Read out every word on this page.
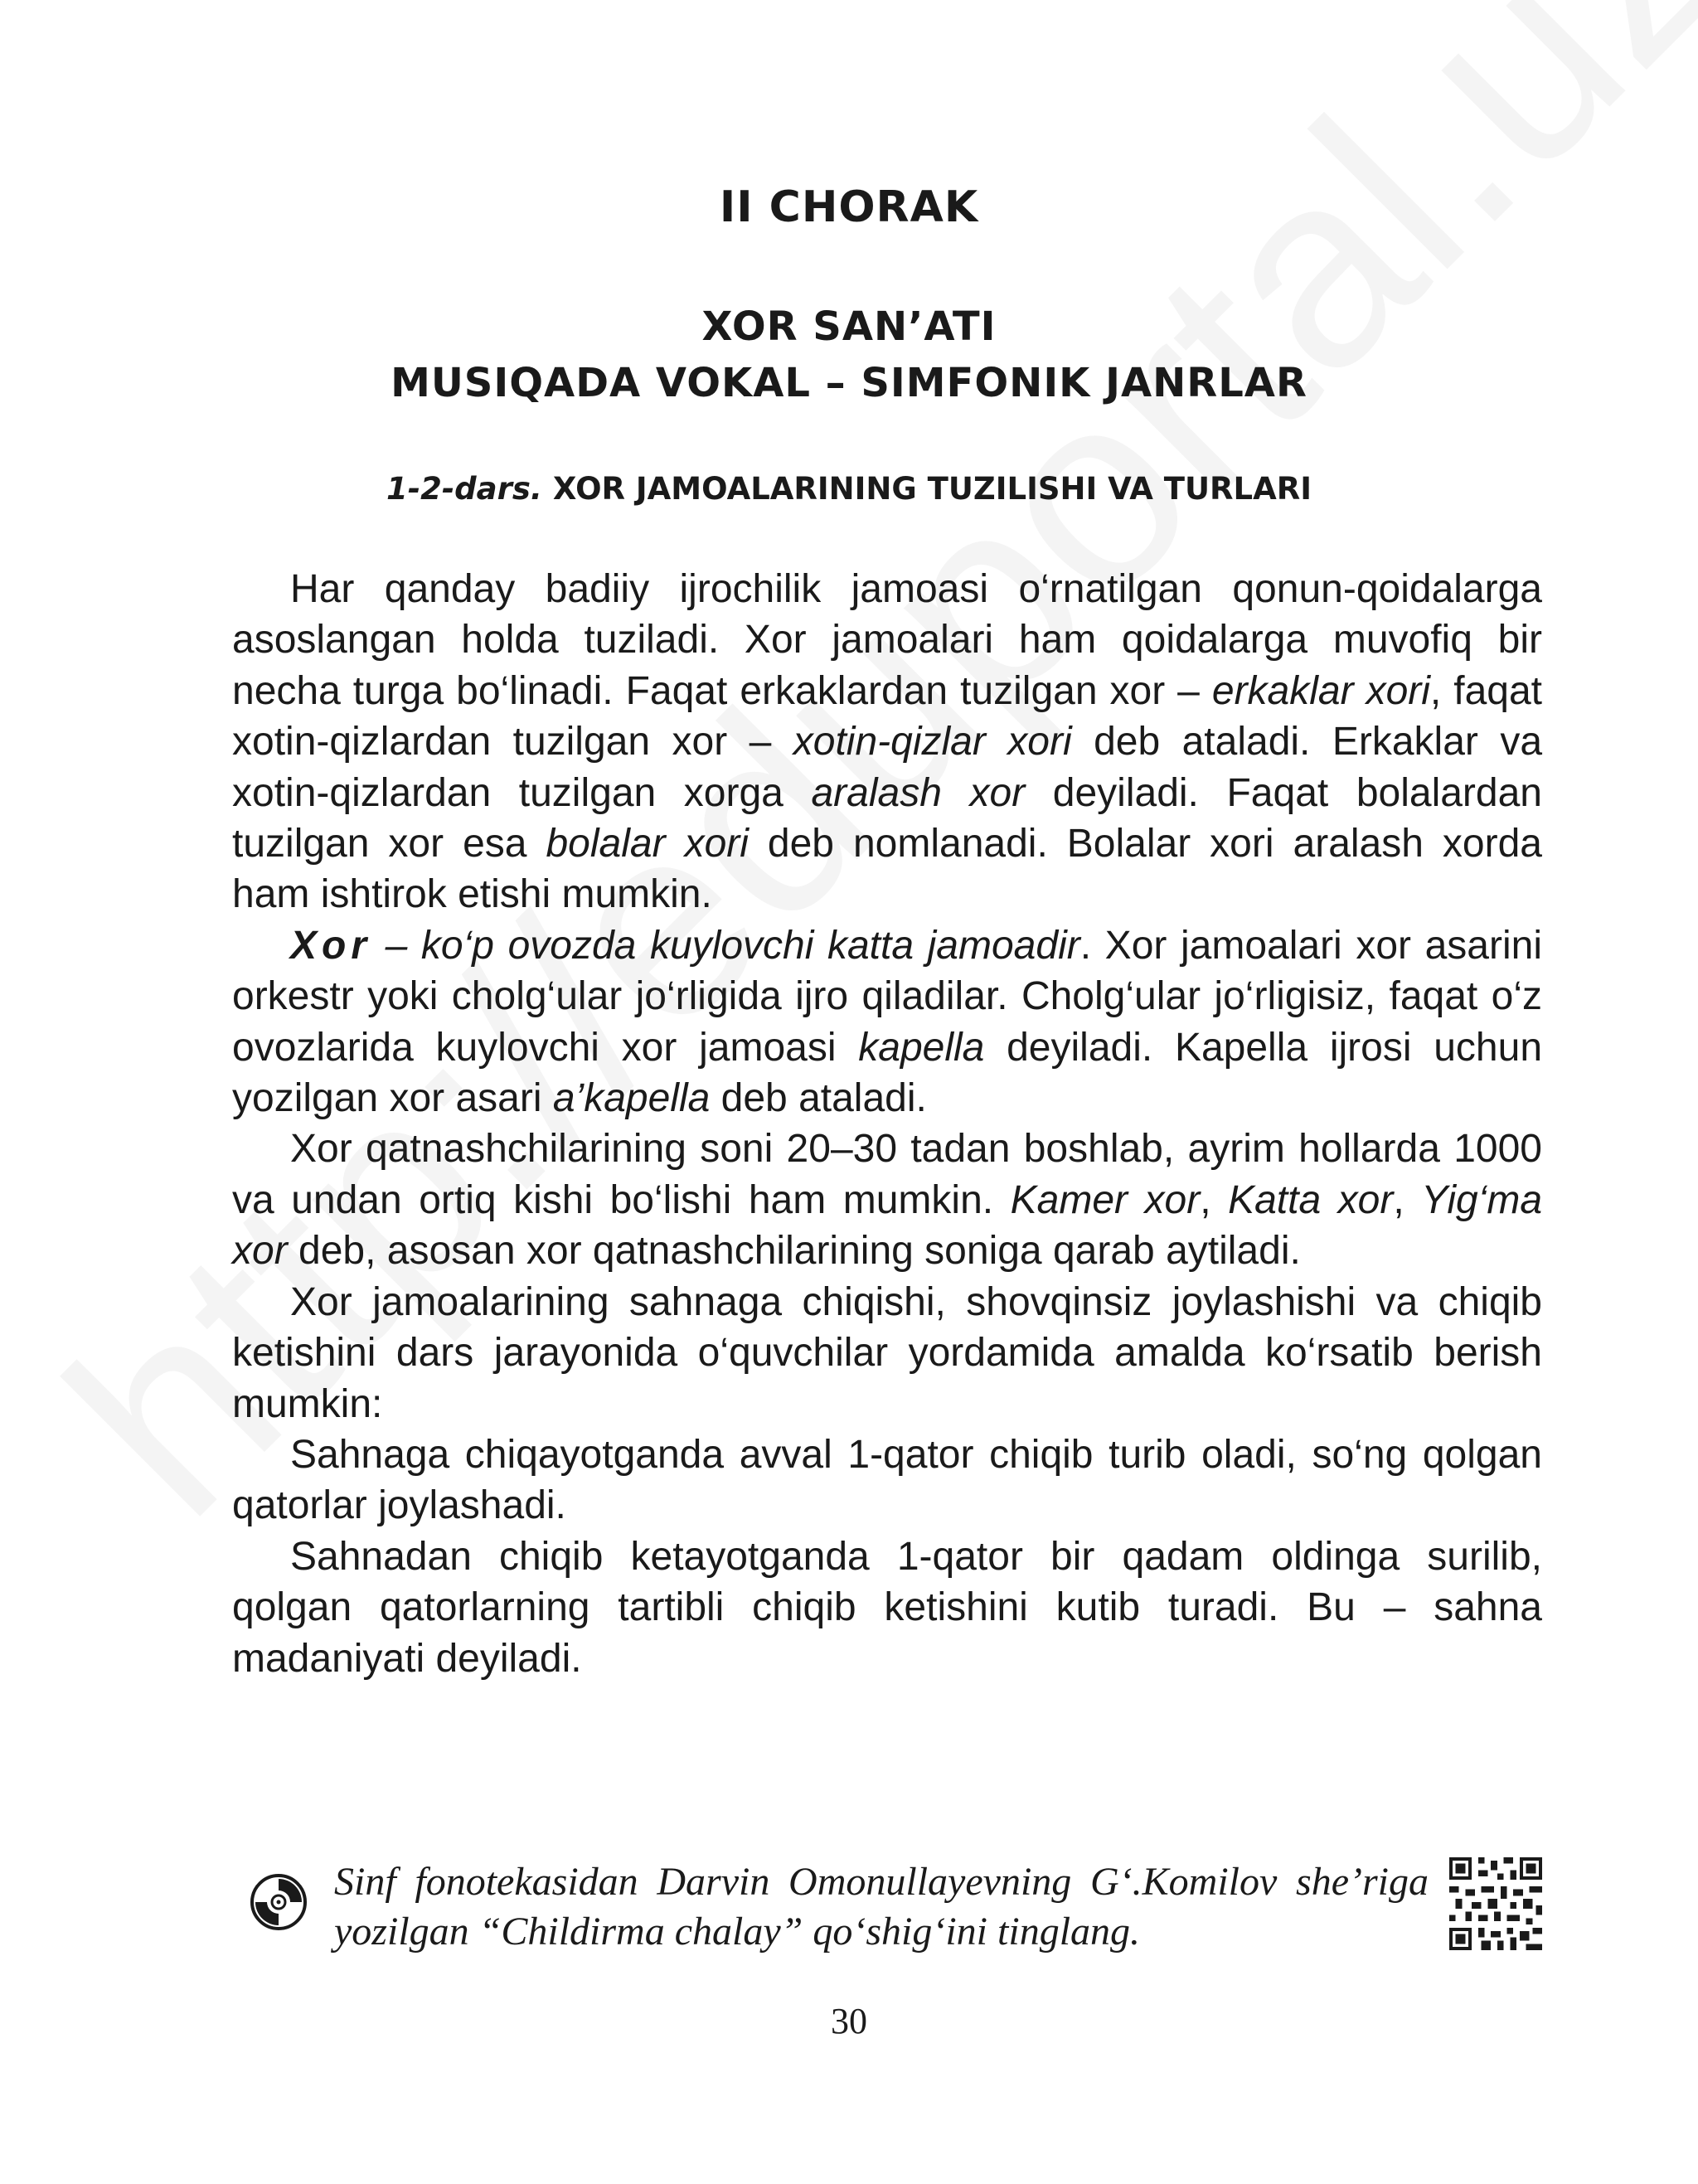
II CHORAK
XOR SAN’ATI
MUSIQADA VOKAL – SIMFONIK JANRLAR
1-2-dars. XOR JAMOALARINING TUZILISHI VA TURLARI

Har qanday badiiy ijrochilik jamoasi o‘rnatilgan qonun-qoidalarga asoslangan holda tuziladi. Xor jamoalari ham qoidalarga muvofiq bir necha turga bo‘linadi. Faqat erkaklardan tuzilgan xor – erkaklar xori, faqat xotin-qizlardan tuzilgan xor – xotin-qizlar xori deb ataladi. Erkaklar va xotin-qizlardan tuzilgan xorga aralash xor deyiladi. Faqat bolalardan tuzilgan xor esa bolalar xori deb nomlanadi. Bolalar xori aralash xorda ham ishtirok etishi mumkin.

Xor – ko‘p ovozda kuylovchi katta jamoadir. Xor jamoalari xor asarini orkestr yoki cholg‘ular jo‘rligida ijro qiladilar. Cholg‘ular jo‘rligisiz, faqat o‘z ovozlarida kuylovchi xor jamoasi kapella deyiladi. Kapella ijrosi uchun yozilgan xor asari a’kapella deb ataladi.

Xor qatnashchilarining soni 20–30 tadan boshlab, ayrim hollarda 1000 va undan ortiq kishi bo‘lishi ham mumkin. Kamer xor, Katta xor, Yig‘ma xor deb, asosan xor qatnashchilarining soniga qarab aytiladi.

Xor jamoalarining sahnaga chiqishi, shovqinsiz joylashishi va chiqib ketishini dars jarayonida o‘quvchilar yordamida amalda ko‘rsatib berish mumkin:

Sahnaga chiqayotganda avval 1-qator chiqib turib oladi, so‘ng qolgan qatorlar joylashadi.

Sahnadan chiqib ketayotganda 1-qator bir qadam oldinga surilib, qolgan qatorlarning tartibli chiqib ketishini kutib turadi. Bu – sahna madaniyati deyiladi.

Sinf fonotekasidan Darvin Omonullayevning G‘.Komilov she’riga yozilgan “Childirma chalay” qo‘shig‘ini tinglang.
30
